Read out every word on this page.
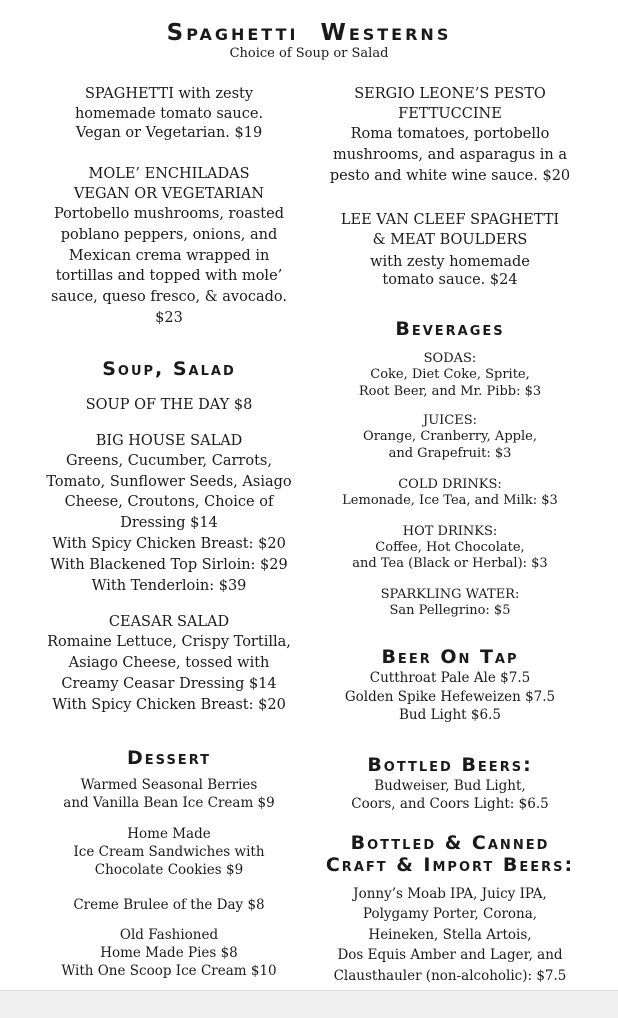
Spaghetti  Westerns
Choice of Soup or Salad
SPAGHETTI with zesty homemade tomato sauce.
Vegan or Vegetarian. $19
MOLE’ ENCHILADAS
VEGAN OR VEGETARIAN
Portobello mushrooms, roasted poblano peppers, onions, and Mexican crema wrapped in tortillas and topped with mole’ sauce, queso fresco, & avocado. $23
Soup, Salad
SOUP OF THE DAY $8
BIG HOUSE SALAD
Greens, Cucumber, Carrots, Tomato, Sunflower Seeds, Asiago Cheese, Croutons, Choice of Dressing $14
With Spicy Chicken Breast: $20
With Blackened Top Sirloin: $29
With Tenderloin: $39
CEASAR SALAD
Romaine Lettuce, Crispy Tortilla, Asiago Cheese, tossed with Creamy Ceasar Dressing $14
With Spicy Chicken Breast: $20
Dessert
Warmed Seasonal Berries
and Vanilla Bean Ice Cream $9
Home Made
Ice Cream Sandwiches with
Chocolate Cookies $9
Creme Brulee of the Day $8
Old Fashioned
Home Made Pies $8
With One Scoop Ice Cream $10
SERGIO LEONE’S PESTO FETTUCCINE
Roma tomatoes, portobello mushrooms, and asparagus in a pesto and white wine sauce. $20
LEE VAN CLEEF SPAGHETTI
& MEAT BOULDERS
with zesty homemade tomato sauce. $24
Beverages
SODAS:
Coke, Diet Coke, Sprite,
Root Beer, and Mr. Pibb: $3
JUICES:
Orange, Cranberry, Apple,
and Grapefruit: $3
COLD DRINKS:
Lemonade, Ice Tea, and Milk: $3
HOT DRINKS:
Coffee, Hot Chocolate,
and Tea (Black or Herbal): $3
SPARKLING WATER:
San Pellegrino: $5
Beer On Tap
Cutthroat Pale Ale $7.5
Golden Spike Hefeweizen $7.5
Bud Light $6.5
Bottled Beers:
Budweiser, Bud Light,
Coors, and Coors Light: $6.5
Bottled & Canned
Craft & Import Beers:
Jonny’s Moab IPA, Juicy IPA,
Polygamy Porter, Corona,
Heineken, Stella Artois,
Dos Equis Amber and Lager, and
Clausthauler (non-alcoholic): $7.5
